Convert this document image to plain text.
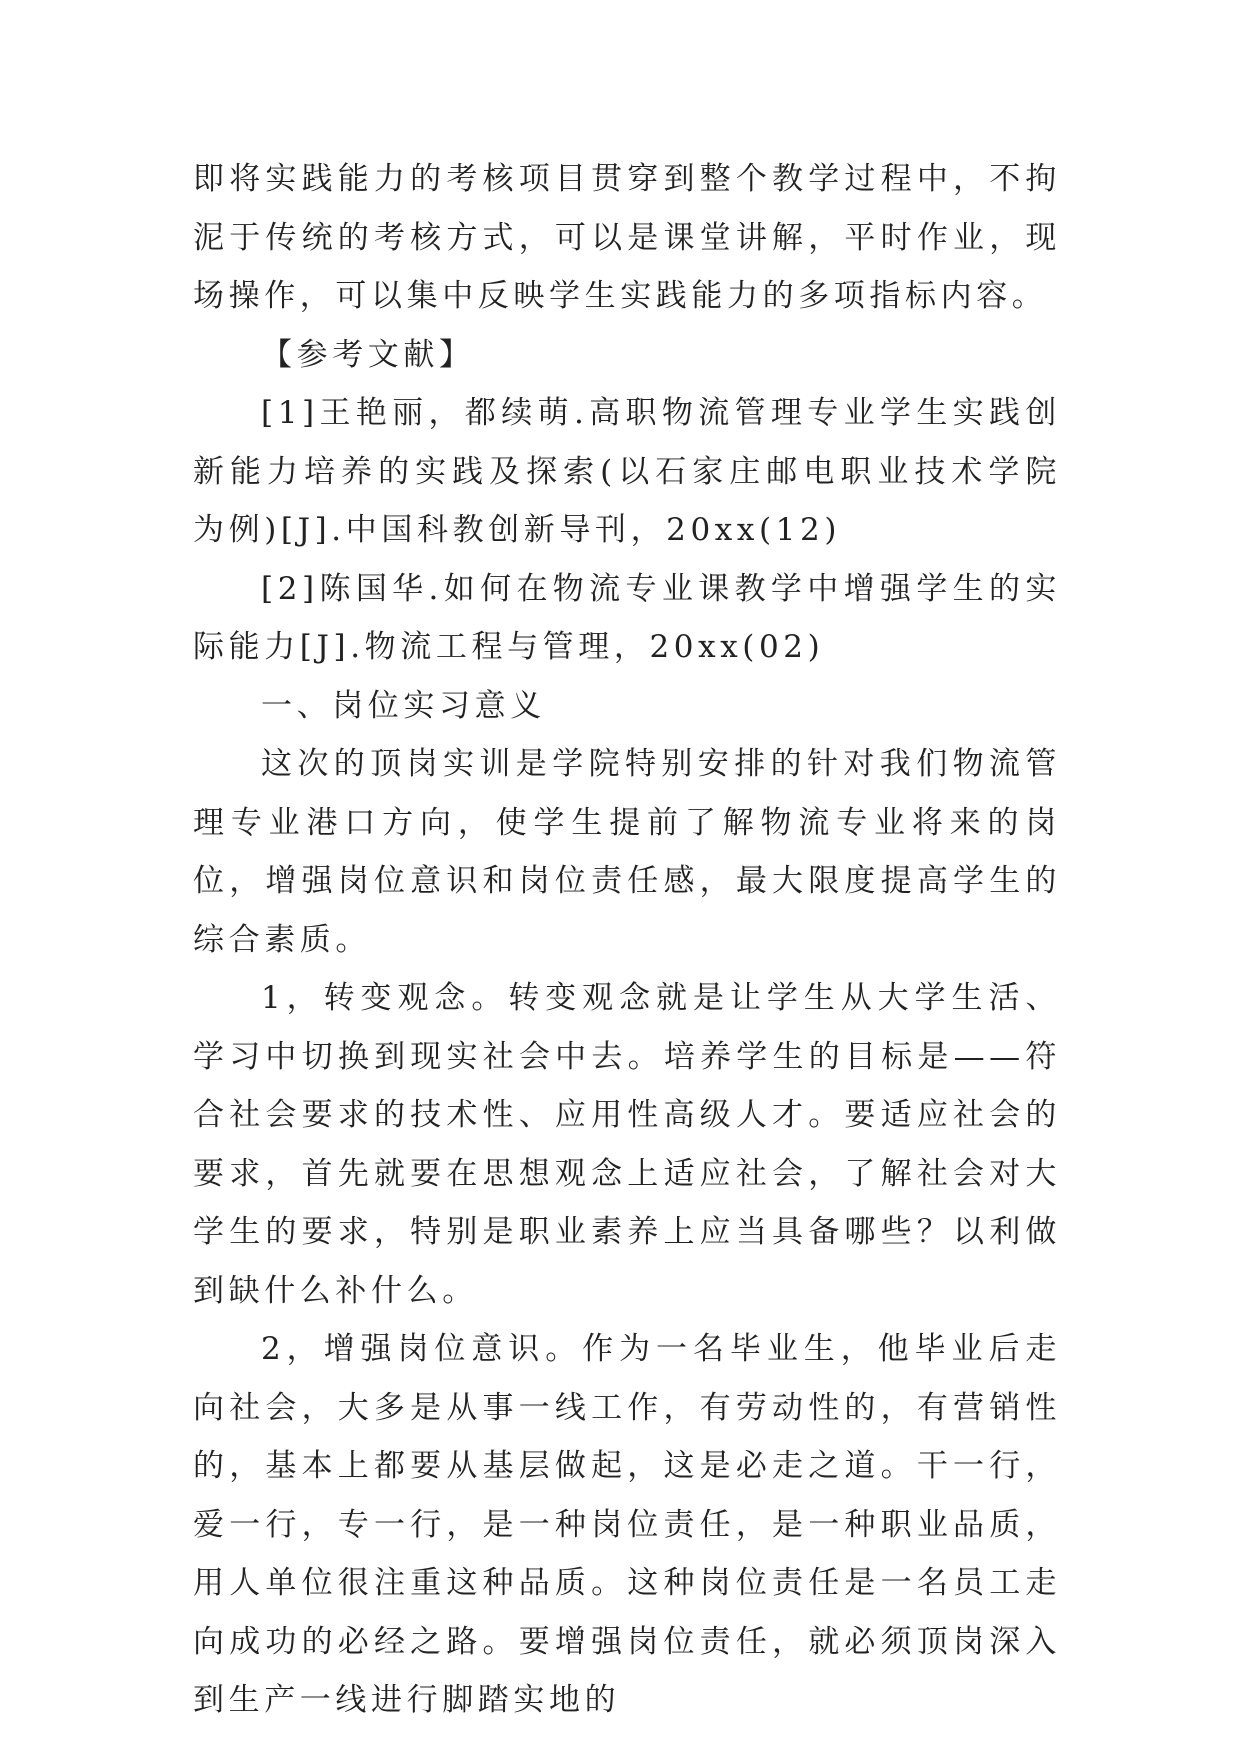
即将实践能力的考核项目贯穿到整个教学过程中，不拘泥于传统的考核方式，可以是课堂讲解，平时作业，现场操作，可以集中反映学生实践能力的多项指标内容。

【参考文献】

[1]王艳丽，都续萌.高职物流管理专业学生实践创新能力培养的实践及探索(以石家庄邮电职业技术学院为例)[J].中国科教创新导刊，20xx(12)

[2]陈国华.如何在物流专业课教学中增强学生的实际能力[J].物流工程与管理，20xx(02)

一、岗位实习意义

这次的顶岗实训是学院特别安排的针对我们物流管理专业港口方向，使学生提前了解物流专业将来的岗位，增强岗位意识和岗位责任感，最大限度提高学生的综合素质。

1，转变观念。转变观念就是让学生从大学生活、学习中切换到现实社会中去。培养学生的目标是——符合社会要求的技术性、应用性高级人才。要适应社会的要求，首先就要在思想观念上适应社会，了解社会对大学生的要求，特别是职业素养上应当具备哪些？以利做到缺什么补什么。

2，增强岗位意识。作为一名毕业生，他毕业后走向社会，大多是从事一线工作，有劳动性的，有营销性的，基本上都要从基层做起，这是必走之道。干一行，爱一行，专一行，是一种岗位责任，是一种职业品质，用人单位很注重这种品质。这种岗位责任是一名员工走向成功的必经之路。要增强岗位责任，就必须顶岗深入到生产一线进行脚踏实地的
